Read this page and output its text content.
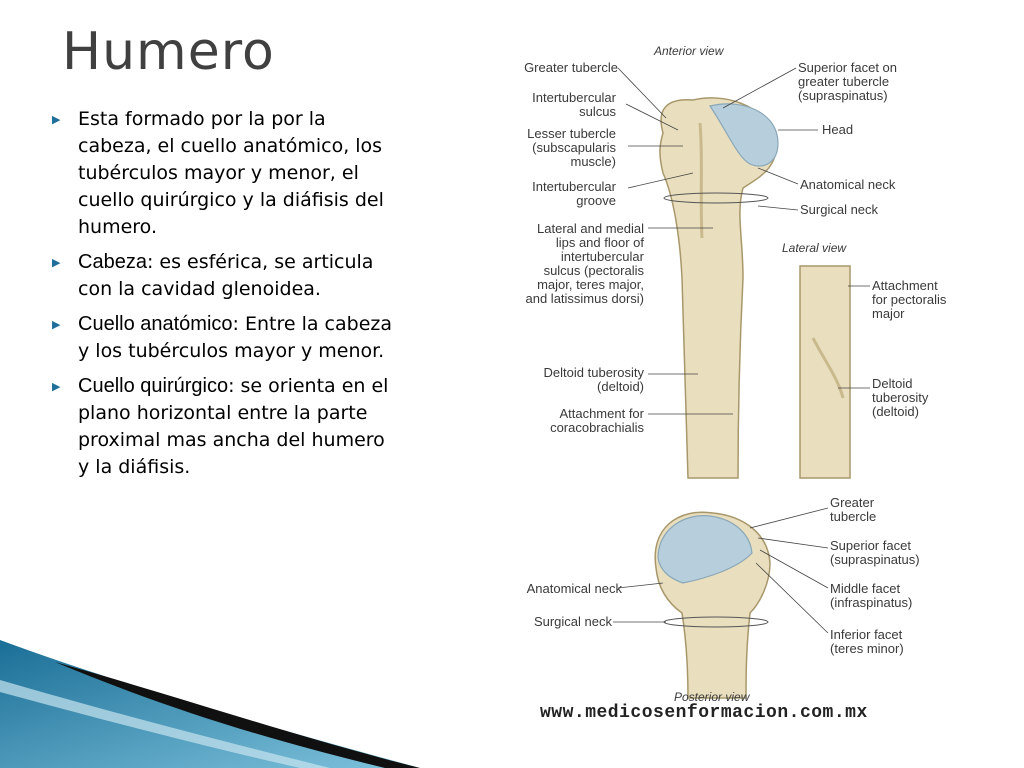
Humero
▶ Esta formado por la por la cabeza, el cuello anatómico, los tubérculos mayor y menor, el cuello quirúrgico y la diáfisis del humero.
▶ Cabeza: es esférica, se articula con la cavidad glenoidea.
▶ Cuello anatómico: Entre la cabeza y los tubérculos mayor y menor.
▶ Cuello quirúrgico: se orienta en el plano horizontal entre la parte proximal mas ancha del humero y la diáfisis.
Anterior view
Lateral view
Posterior view
Greater tubercle
Intertubercular
sulcus
Lesser tubercle
(subscapularis
muscle)
Intertubercular
groove
Lateral and medial
lips and floor of
intertubercular
sulcus (pectoralis
major, teres major,
and latissimus dorsi)
Deltoid tuberosity
(deltoid)
Attachment for
coracobrachialis
Superior facet on
greater tubercle
(supraspinatus)
Head
Anatomical neck
Surgical neck
Attachment
for pectoralis
major
Deltoid
tuberosity
(deltoid)
Greater
tubercle
Superior facet
(supraspinatus)
Middle facet
(infraspinatus)
Inferior facet
(teres minor)
Anatomical neck
Surgical neck
www.medicosenformacion.com.mx
